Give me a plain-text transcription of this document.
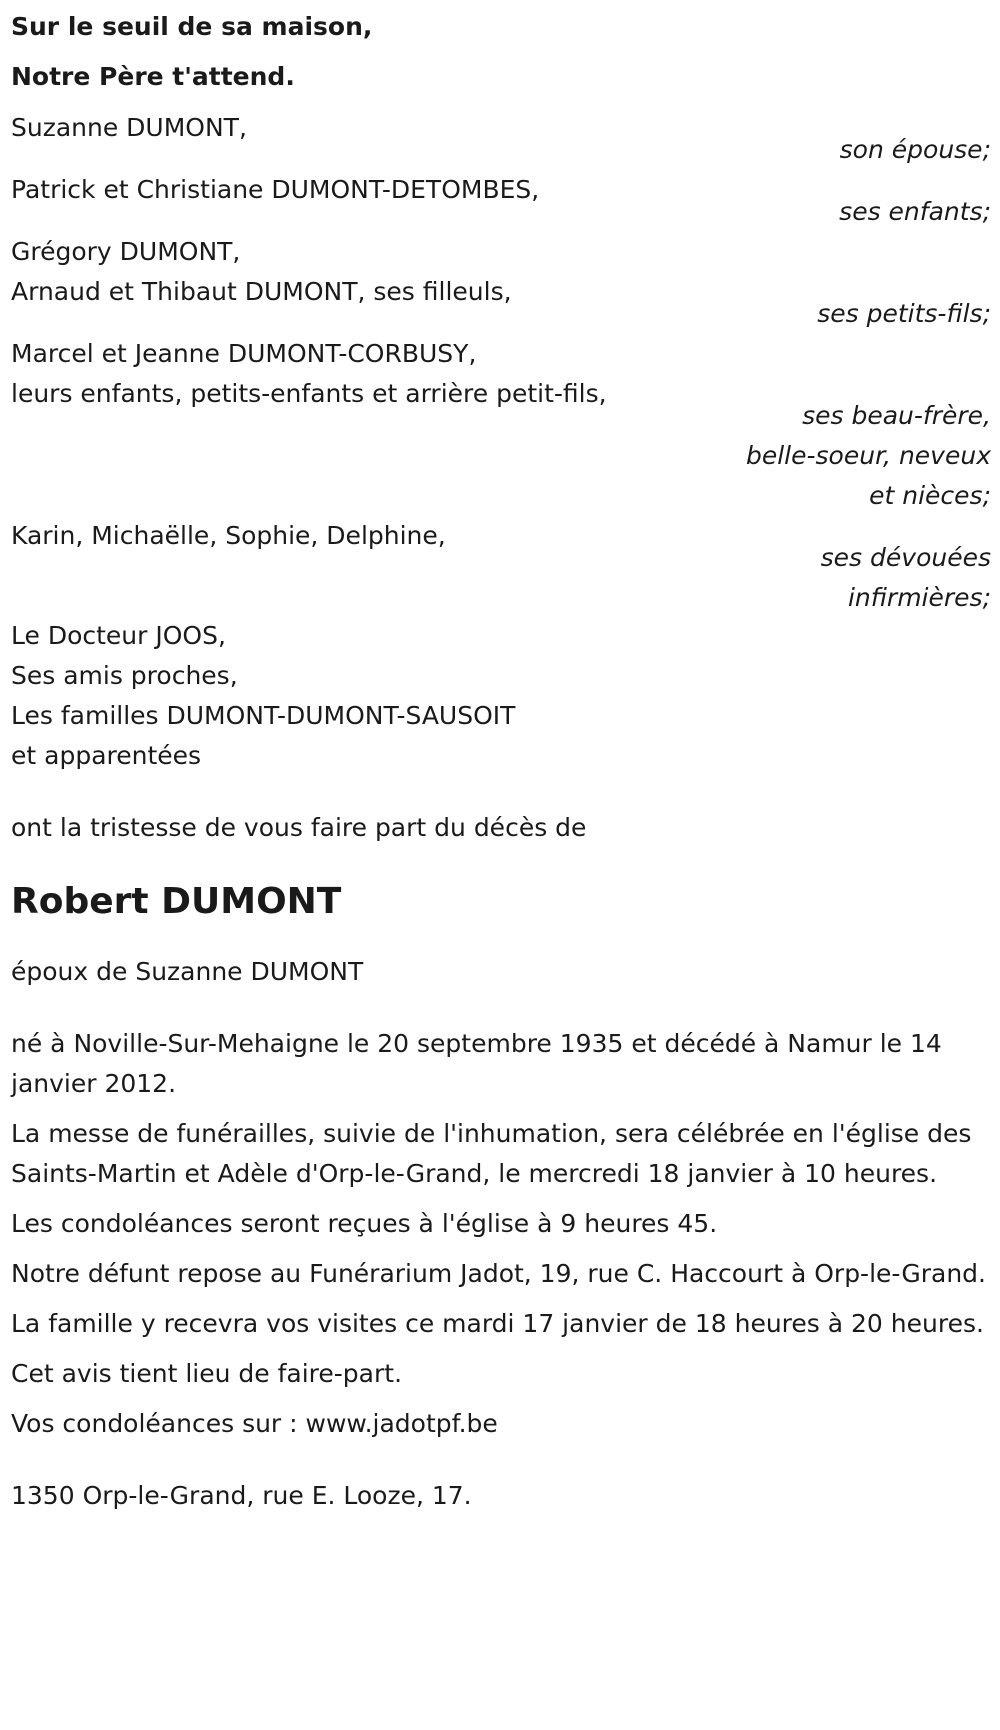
Sur le seuil de sa maison,
Notre Père t'attend.
Suzanne DUMONT,
son épouse;
Patrick et Christiane DUMONT-DETOMBES,
ses enfants;
Grégory DUMONT,
Arnaud et Thibaut DUMONT, ses filleuls,
ses petits-fils;
Marcel et Jeanne DUMONT-CORBUSY,
leurs enfants, petits-enfants et arrière petit-fils,
ses beau-frère,
belle-soeur, neveux
et nièces;
Karin, Michaëlle, Sophie, Delphine,
ses dévouées
infirmières;
Le Docteur JOOS,
Ses amis proches,
Les familles DUMONT-DUMONT-SAUSOIT
et apparentées
ont la tristesse de vous faire part du décès de
Robert DUMONT
époux de Suzanne DUMONT
né à Noville-Sur-Mehaigne le 20 septembre 1935 et décédé à Namur le 14 janvier 2012.
La messe de funérailles, suivie de l'inhumation, sera célébrée en l'église des Saints-Martin et Adèle d'Orp-le-Grand, le mercredi 18 janvier à 10 heures.
Les condoléances seront reçues à l'église à 9 heures 45.
Notre défunt repose au Funérarium Jadot, 19, rue C. Haccourt à Orp-le-Grand.
La famille y recevra vos visites ce mardi 17 janvier de 18 heures à 20 heures.
Cet avis tient lieu de faire-part.
Vos condoléances sur : www.jadotpf.be
1350 Orp-le-Grand, rue E. Looze, 17.
